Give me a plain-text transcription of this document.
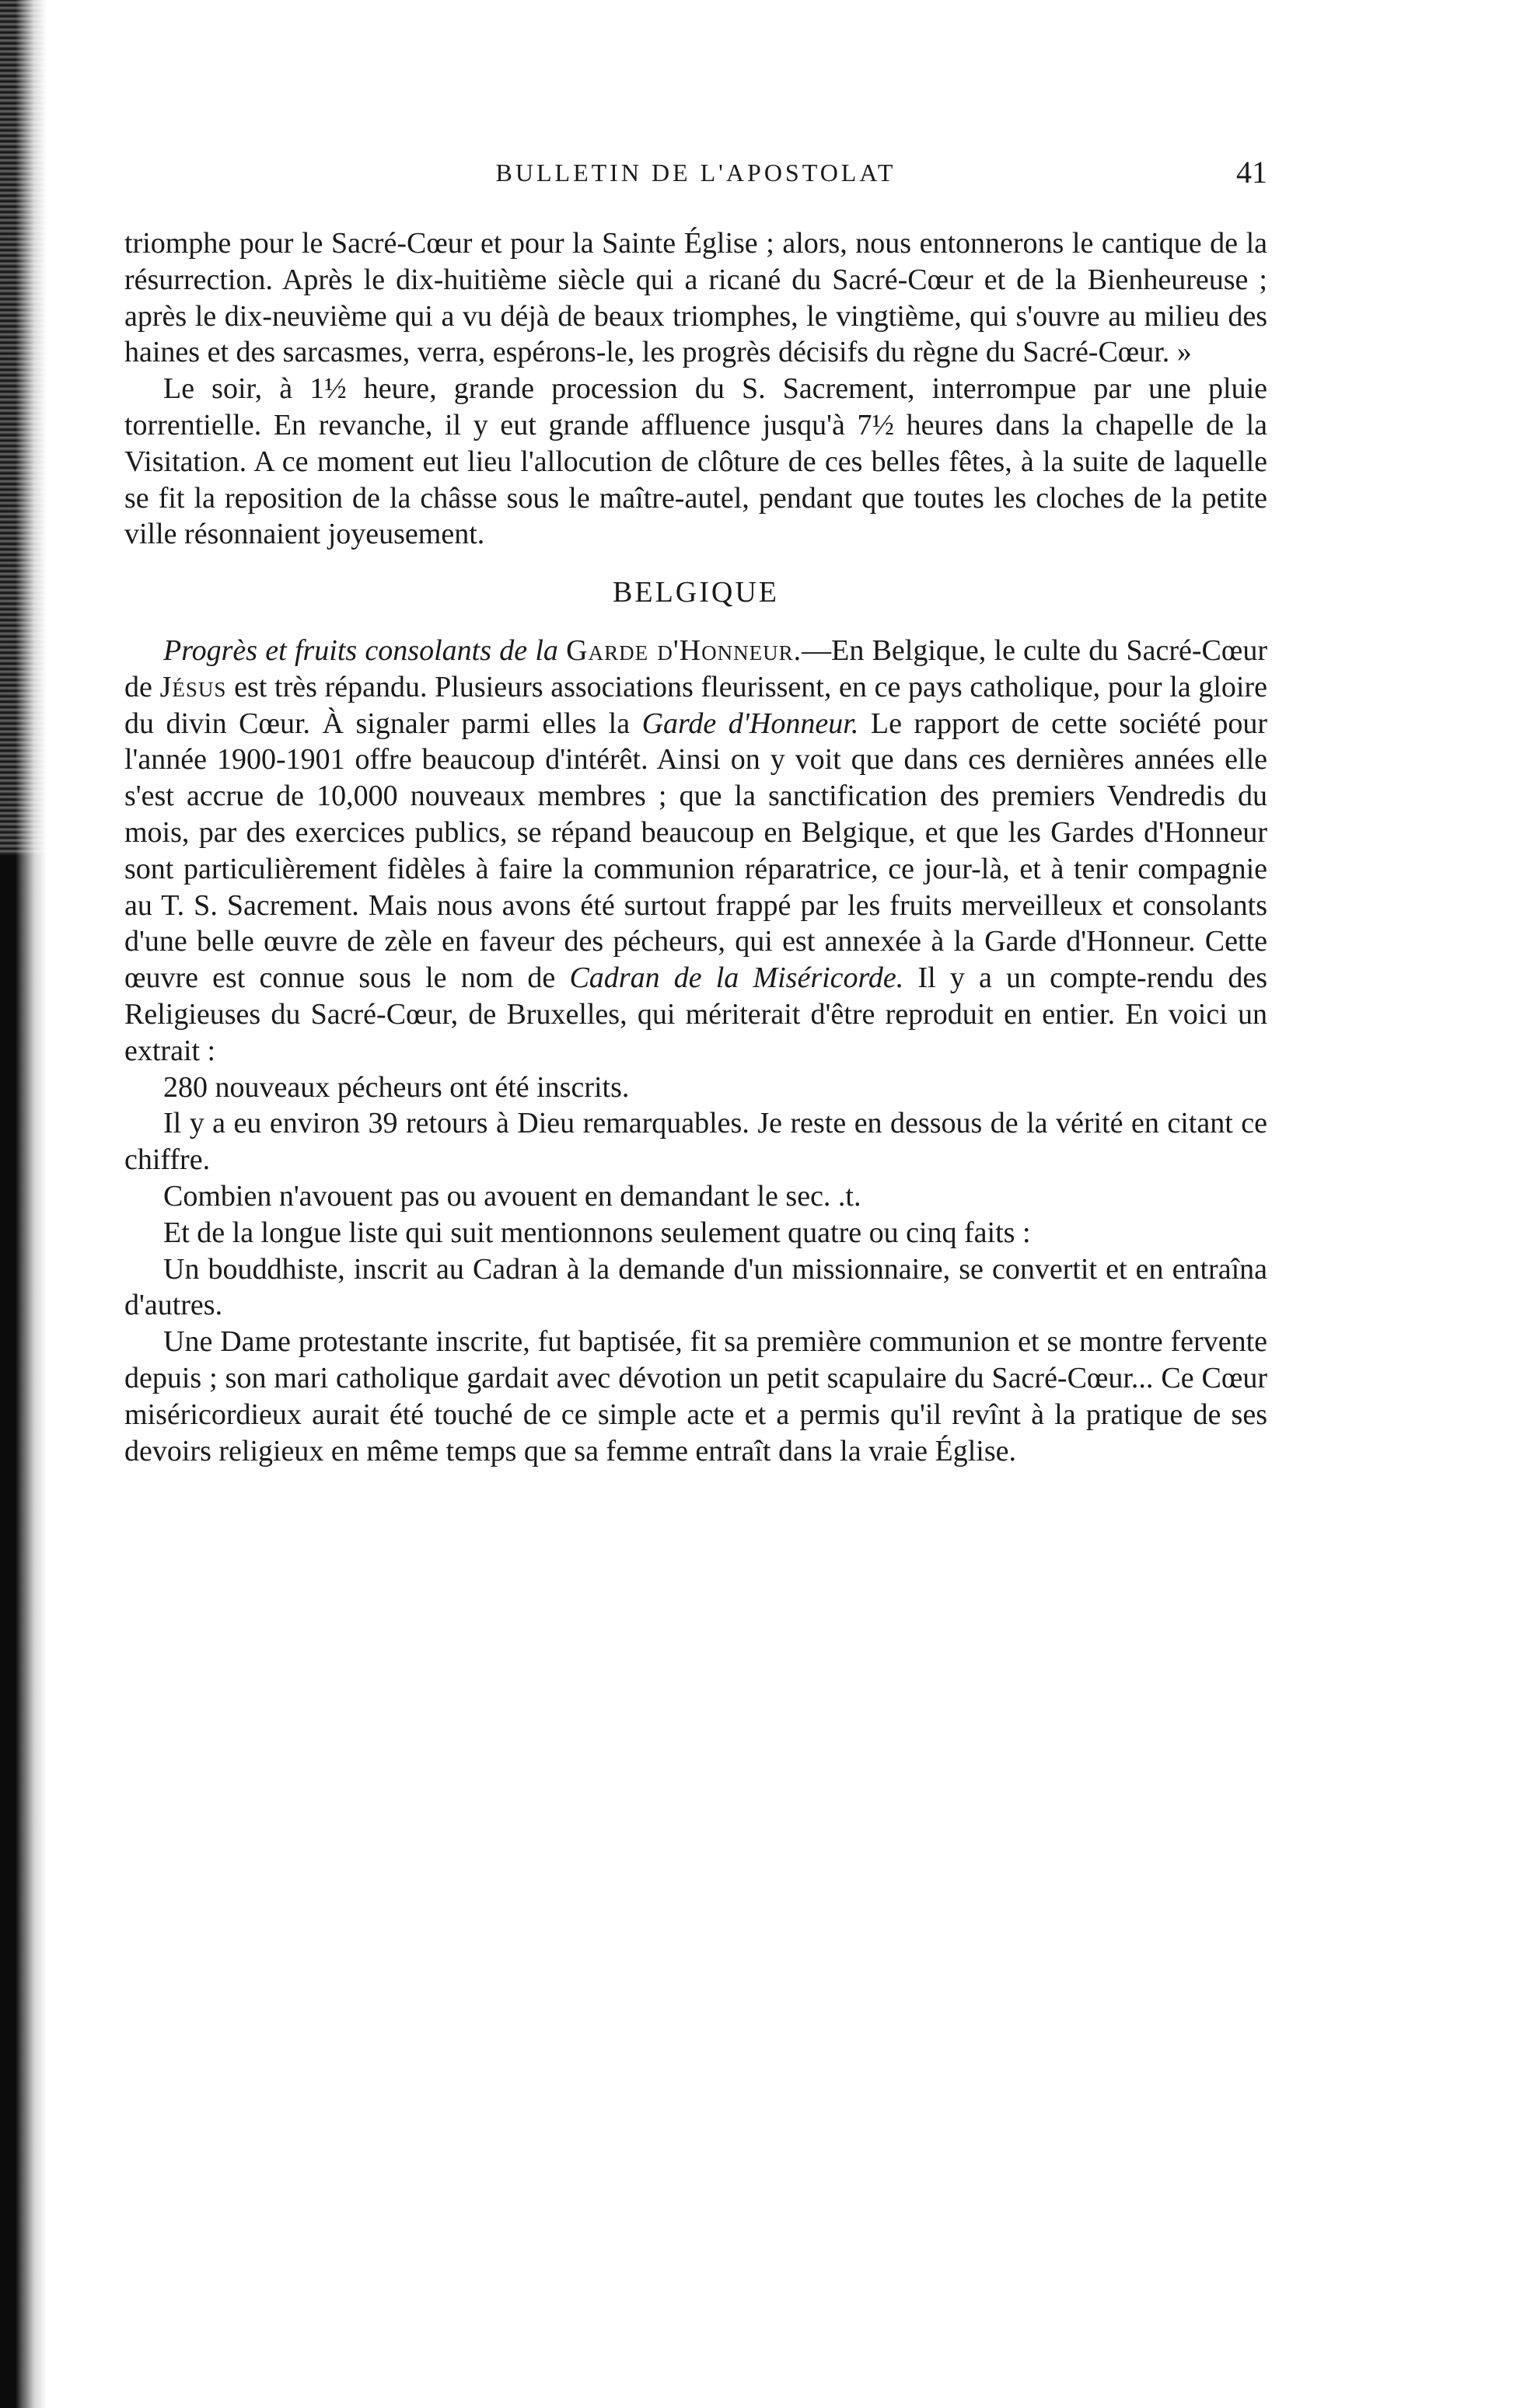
BULLETIN DE L'APOSTOLAT	41

triomphe pour le Sacré-Cœur et pour la Sainte Église ; alors, nous entonnerons le cantique de la résurrection. Après le dix-huitième siècle qui a ricané du Sacré-Cœur et de la Bienheureuse ; après le dix-neuvième qui a vu déjà de beaux triomphes, le vingtième, qui s'ouvre au milieu des haines et des sarcasmes, verra, espérons-le, les progrès décisifs du règne du Sacré-Cœur. »

Le soir, à 1½ heure, grande procession du S. Sacrement, interrompue par une pluie torrentielle. En revanche, il y eut grande affluence jusqu'à 7½ heures dans la chapelle de la Visitation. A ce moment eut lieu l'allocution de clôture de ces belles fêtes, à la suite de laquelle se fit la reposition de la châsse sous le maître-autel, pendant que toutes les cloches de la petite ville résonnaient joyeusement.

BELGIQUE

Progrès et fruits consolants de la Garde d'Honneur.—En Belgique, le culte du Sacré-Cœur de Jésus est très répandu. Plusieurs associations fleurissent, en ce pays catholique, pour la gloire du divin Cœur. À signaler parmi elles la Garde d'Honneur. Le rapport de cette société pour l'année 1900-1901 offre beaucoup d'intérêt. Ainsi on y voit que dans ces dernières années elle s'est accrue de 10,000 nouveaux membres ; que la sanctification des premiers Vendredis du mois, par des exercices publics, se répand beaucoup en Belgique, et que les Gardes d'Honneur sont particulièrement fidèles à faire la communion réparatrice, ce jour-là, et à tenir compagnie au T. S. Sacrement. Mais nous avons été surtout frappé par les fruits merveilleux et consolants d'une belle œuvre de zèle en faveur des pécheurs, qui est annexée à la Garde d'Honneur. Cette œuvre est connue sous le nom de Cadran de la Miséricorde. Il y a un compte-rendu des Religieuses du Sacré-Cœur, de Bruxelles, qui mériterait d'être reproduit en entier. En voici un extrait :

280 nouveaux pécheurs ont été inscrits.

Il y a eu environ 39 retours à Dieu remarquables. Je reste en dessous de la vérité en citant ce chiffre.

Combien n'avouent pas ou avouent en demandant le sec. .t.

Et de la longue liste qui suit mentionnons seulement quatre ou cinq faits :

Un bouddhiste, inscrit au Cadran à la demande d'un missionnaire, se convertit et en entraîna d'autres.

Une Dame protestante inscrite, fut baptisée, fit sa première communion et se montre fervente depuis ; son mari catholique gardait avec dévotion un petit scapulaire du Sacré-Cœur... Ce Cœur miséricordieux aurait été touché de ce simple acte et a permis qu'il revînt à la pratique de ses devoirs religieux en même temps que sa femme entraît dans la vraie Église.
